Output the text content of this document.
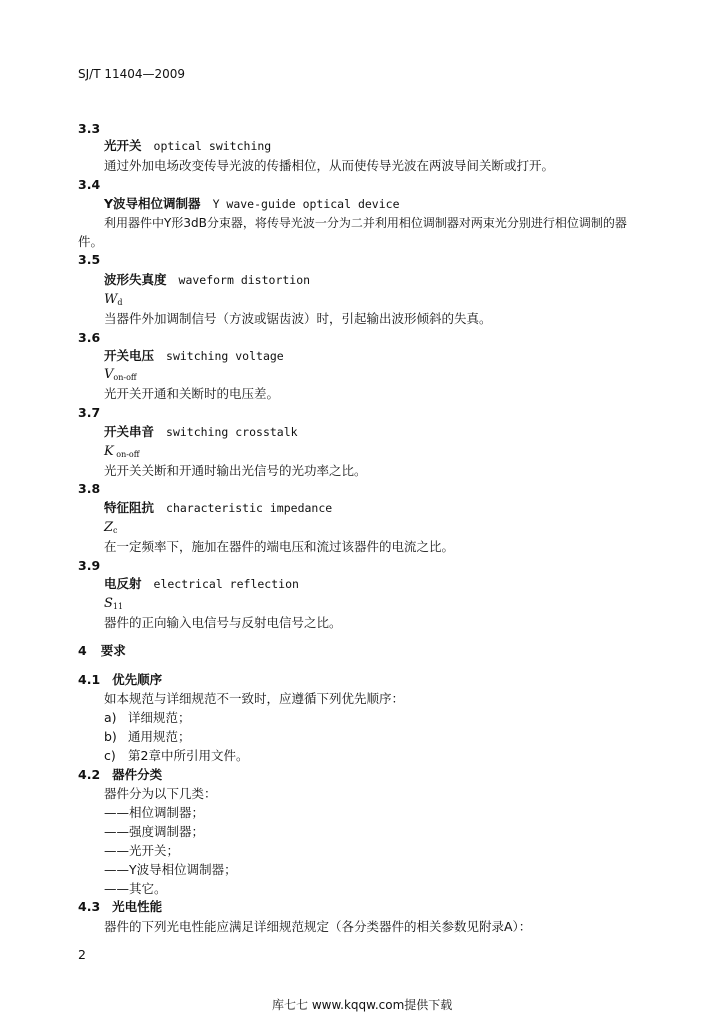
SJ/T 11404—2009
3.3
光开关 optical switching
通过外加电场改变传导光波的传播相位，从而使传导光波在两波导间关断或打开。
3.4
Y波导相位调制器 Y wave-guide optical device
利用器件中Y形3dB分束器，将传导光波一分为二并利用相位调制器对两束光分别进行相位调制的器
件。
3.5
波形失真度 waveform distortion
$W_d$
当器件外加调制信号（方波或锯齿波）时，引起输出波形倾斜的失真。
3.6
开关电压 switching voltage
$V_{on-off}$
光开关开通和关断时的电压差。
3.7
开关串音 switching crosstalk
K $_{on-off}$
光开关关断和开通时输出光信号的光功率之比。
3.8
特征阻抗 characteristic impedance
$Z_c$
在一定频率下，施加在器件的端电压和流过该器件的电流之比。
3.9
电反射 electrical reflection
$S_{11}$
器件的正向输入电信号与反射电信号之比。
4 要求
4.1 优先顺序
如本规范与详细规范不一致时，应遵循下列优先顺序：
a) 详细规范；
b) 通用规范；
c) 第2章中所引用文件。
4.2 器件分类
器件分为以下几类：
——相位调制器；
——强度调制器；
——光开关；
——Y波导相位调制器；
——其它。
4.3 光电性能
器件的下列光电性能应满足详细规范规定（各分类器件的相关参数见附录A）：
2
库七七 www.kqqw.com提供下载
